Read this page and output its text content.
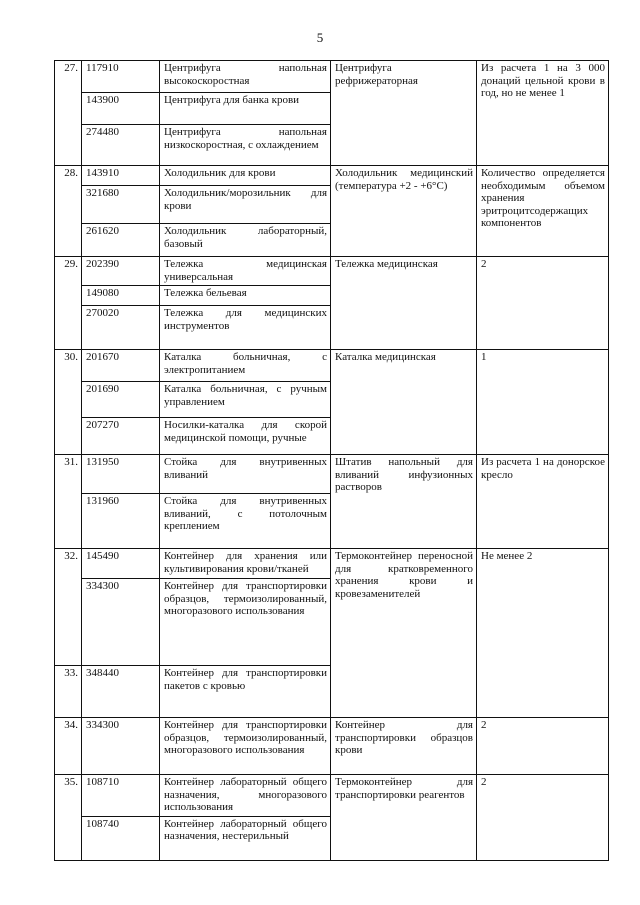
5
27.	117910	Центрифуга напольная высокоскоростная	Центрифуга рефрижераторная	Из расчета 1 на 3 000 донаций цельной крови в год, но не менее 1
	143900	Центрифуга для банка крови		
	274480	Центрифуга напольная низкоскоростная, с охлаждением		
28.	143910	Холодильник для крови	Холодильник медицинский (температура +2 - +6°С)	Количество определяется необходимым объемом хранения эритроцитсодержащих компонентов
	321680	Холодильник/морозильник для крови		
	261620	Холодильник лабораторный, базовый		
29.	202390	Тележка медицинская универсальная	Тележка медицинская	2
	149080	Тележка бельевая		
	270020	Тележка для медицинских инструментов		
30.	201670	Каталка больничная, с электропитанием	Каталка медицинская	1
	201690	Каталка больничная, с ручным управлением		
	207270	Носилки-каталка для скорой медицинской помощи, ручные		
31.	131950	Стойка для внутривенных вливаний	Штатив напольный для вливаний инфузионных растворов	Из расчета 1 на донорское кресло
	131960	Стойка для внутривенных вливаний, с потолочным креплением		
32.	145490	Контейнер для хранения или культивирования крови/тканей	Термоконтейнер переносной для кратковременного хранения крови и кровезаменителей	Не менее 2
	334300	Контейнер для транспортировки образцов, термоизолированный, многоразового использования		
33.	348440	Контейнер для транспортировки пакетов с кровью		
34.	334300	Контейнер для транспортировки образцов, термоизолированный, многоразового использования	Контейнер для транспортировки образцов крови	2
35.	108710	Контейнер лабораторный общего назначения, многоразового использования	Термоконтейнер для транспортировки реагентов	2
	108740	Контейнер лабораторный общего назначения, нестерильный		
